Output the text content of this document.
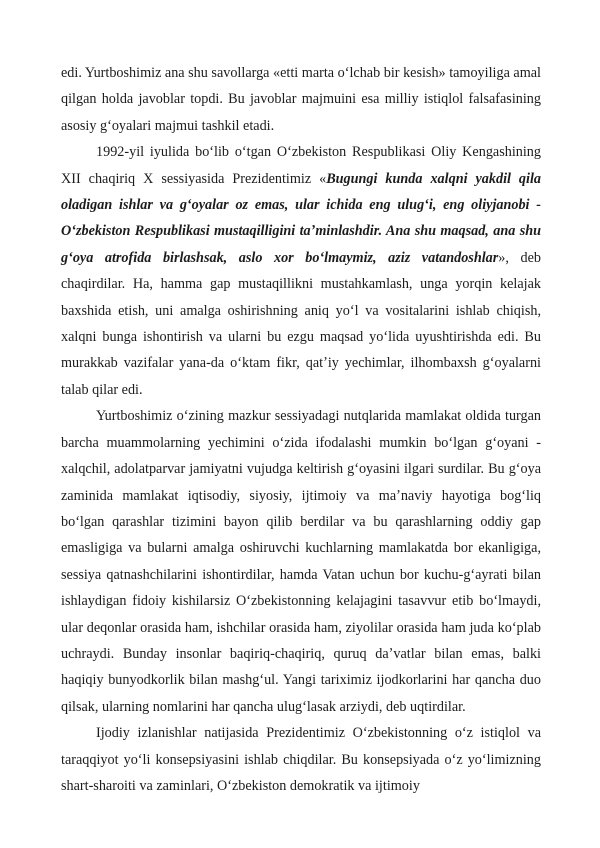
edi. Yurtboshimiz ana shu savollarga «etti marta oʻlchab bir kesish» tamoyiliga amal qilgan holda javoblar topdi. Bu javoblar majmuini esa milliy istiqlol falsafasining asosiy gʻoyalari majmui tashkil etadi.

1992-yil iyulida boʻlib oʻtgan Oʻzbekiston Respublikasi Oliy Kengashining XII chaqiriq X sessiyasida Prezidentimiz «Bugungi kunda xalqni yakdil qila oladigan ishlar va gʻoyalar oz emas, ular ichida eng ulugʻi, eng oliyjanobi - Oʻzbekiston Respublikasi mustaqilligini taʼminlashdir. Ana shu maqsad, ana shu gʻoya atrofida birlashsak, aslo xor boʻlmaymiz, aziz vatandoshlar», deb chaqirdilar. Ha, hamma gap mustaqillikni mustahkamlash, unga yorqin kelajak baxshida etish, uni amalga oshirishning aniq yoʻl va vositalarini ishlab chiqish, xalqni bunga ishontirish va ularni bu ezgu maqsad yoʻlida uyushtirishda edi. Bu murakkab vazifalar yana-da oʻktam fikr, qatʼiy yechimlar, ilhombaxsh gʻoyalarni talab qilar edi.

Yurtboshimiz oʻzining mazkur sessiyadagi nutqlarida mamlakat oldida turgan barcha muammolarning yechimini oʻzida ifodalashi mumkin boʻlgan gʻoyani - xalqchil, adolatparvar jamiyatni vujudga keltirish gʻoyasini ilgari surdilar. Bu gʻoya zaminida mamlakat iqtisodiy, siyosiy, ijtimoiy va maʼnaviy hayotiga bogʻliq boʻlgan qarashlar tizimini bayon qilib berdilar va bu qarashlarning oddiy gap emasligiga va bularni amalga oshiruvchi kuchlarning mamlakatda bor ekanligiga, sessiya qatnashchilarini ishontirdilar, hamda Vatan uchun bor kuchu-gʻayrati bilan ishlaydigan fidoiy kishilarsiz Oʻzbekistonning kelajagini tasavvur etib boʻlmaydi, ular deqonlar orasida ham, ishchilar orasida ham, ziyolilar orasida ham juda koʻplab uchraydi. Bunday insonlar baqiriq-chaqiriq, quruq daʼvatlar bilan emas, balki haqiqiy bunyodkorlik bilan mashgʻul. Yangi tariximiz ijodkorlarini har qancha duo qilsak, ularning nomlarini har qancha ulugʻlasak arziydi, deb uqtirdilar.

Ijodiy izlanishlar natijasida Prezidentimiz Oʻzbekistonning oʻz istiqlol va taraqqiyot yoʻli konsepsiyasini ishlab chiqdilar. Bu konsepsiyada oʻz yoʻlimizning shart-sharoiti va zaminlari, Oʻzbekiston demokratik va ijtimoiy
